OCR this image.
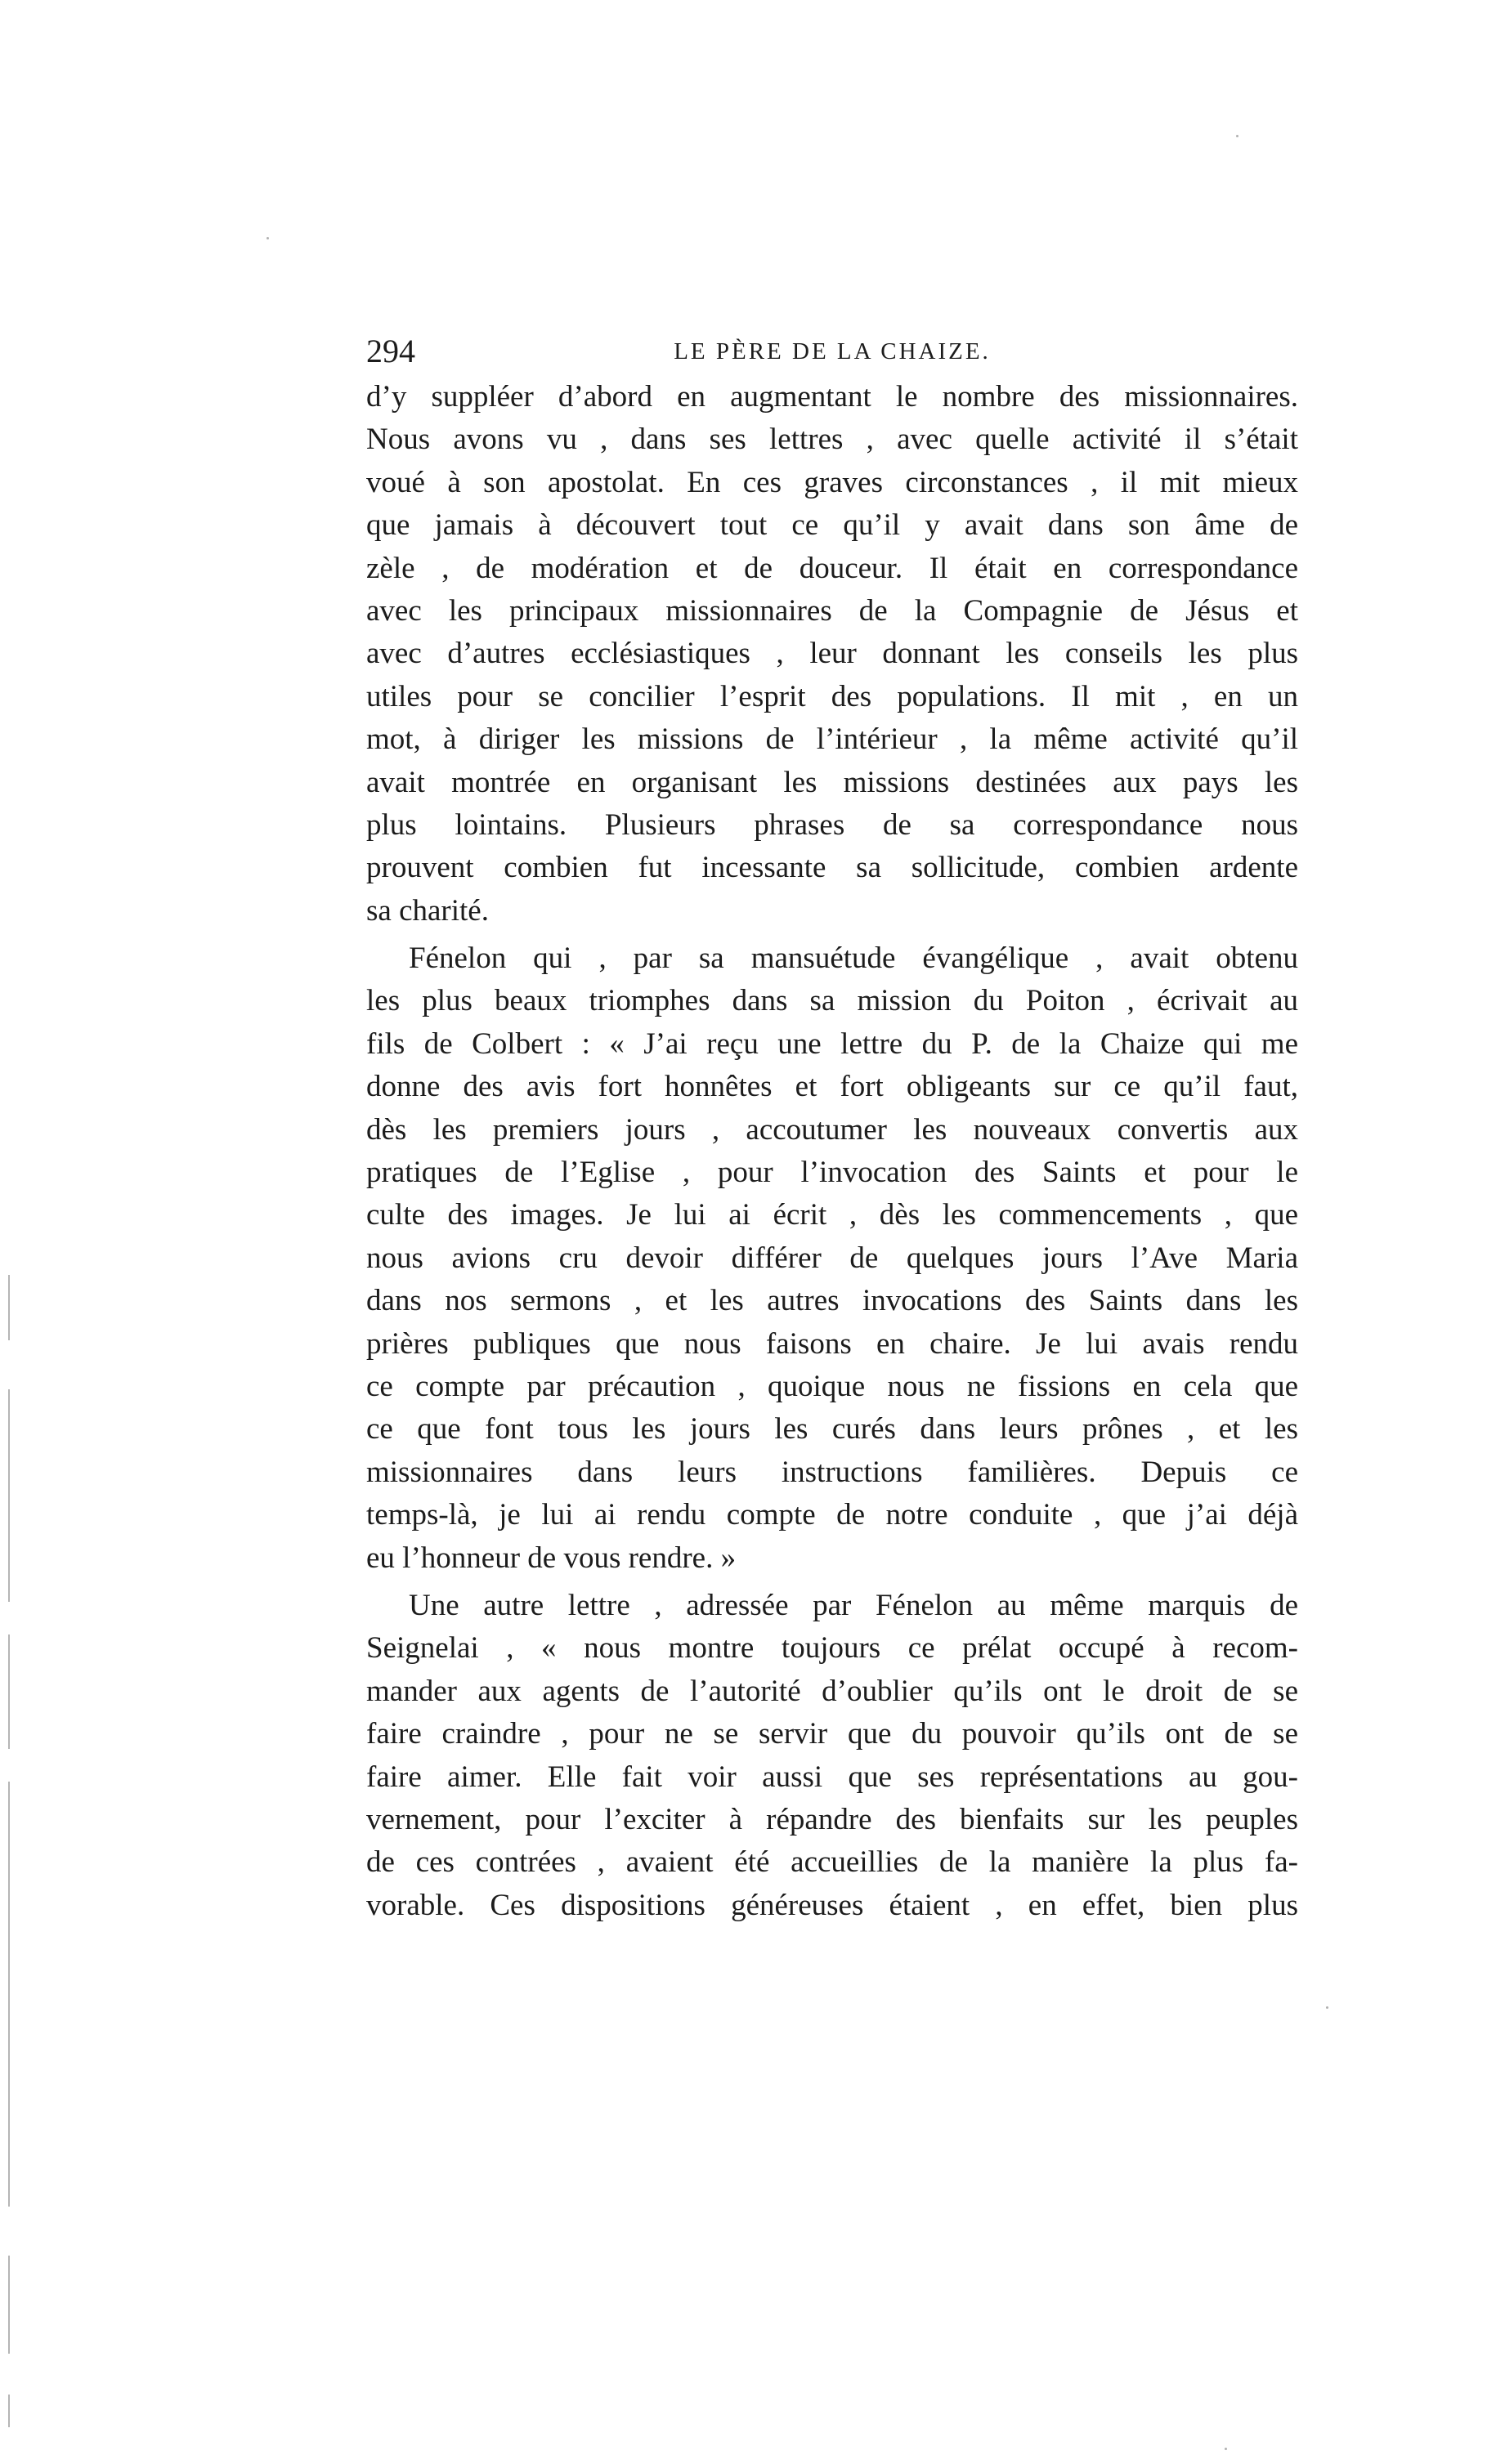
294	LE PÈRE DE LA CHAIZE.
d’y suppléer d’abord en augmentant le nombre des missionnaires.
Nous avons vu , dans ses lettres , avec quelle activité il s’était
voué à son apostolat. En ces graves circonstances , il mit mieux
que jamais à découvert tout ce qu’il y avait dans son âme de
zèle , de modération et de douceur. Il était en correspondance
avec les principaux missionnaires de la Compagnie de Jésus et
avec d’autres ecclésiastiques , leur donnant les conseils les plus
utiles pour se concilier l’esprit des populations. Il mit , en un
mot, à diriger les missions de l’intérieur , la même activité qu’il
avait montrée en organisant les missions destinées aux pays les
plus lointains. Plusieurs phrases de sa correspondance nous
prouvent combien fut incessante sa sollicitude, combien ardente
sa charité.
Fénelon qui , par sa mansuétude évangélique , avait obtenu
les plus beaux triomphes dans sa mission du Poiton , écrivait au
fils de Colbert : « J’ai reçu une lettre du P. de la Chaize qui me
donne des avis fort honnêtes et fort obligeants sur ce qu’il faut,
dès les premiers jours , accoutumer les nouveaux convertis aux
pratiques de l’Eglise , pour l’invocation des Saints et pour le
culte des images. Je lui ai écrit , dès les commencements , que
nous avions cru devoir différer de quelques jours l’Ave Maria
dans nos sermons , et les autres invocations des Saints dans les
prières publiques que nous faisons en chaire. Je lui avais rendu
ce compte par précaution , quoique nous ne fissions en cela que
ce que font tous les jours les curés dans leurs prônes , et les
missionnaires dans leurs instructions familières. Depuis ce
temps-là, je lui ai rendu compte de notre conduite , que j’ai déjà
eu l’honneur de vous rendre. »
Une autre lettre , adressée par Fénelon au même marquis de
Seignelai , « nous montre toujours ce prélat occupé à recom-
mander aux agents de l’autorité d’oublier qu’ils ont le droit de se
faire craindre , pour ne se servir que du pouvoir qu’ils ont de se
faire aimer. Elle fait voir aussi que ses représentations au gou-
vernement, pour l’exciter à répandre des bienfaits sur les peuples
de ces contrées , avaient été accueillies de la manière la plus fa-
vorable. Ces dispositions généreuses étaient , en effet, bien plus
